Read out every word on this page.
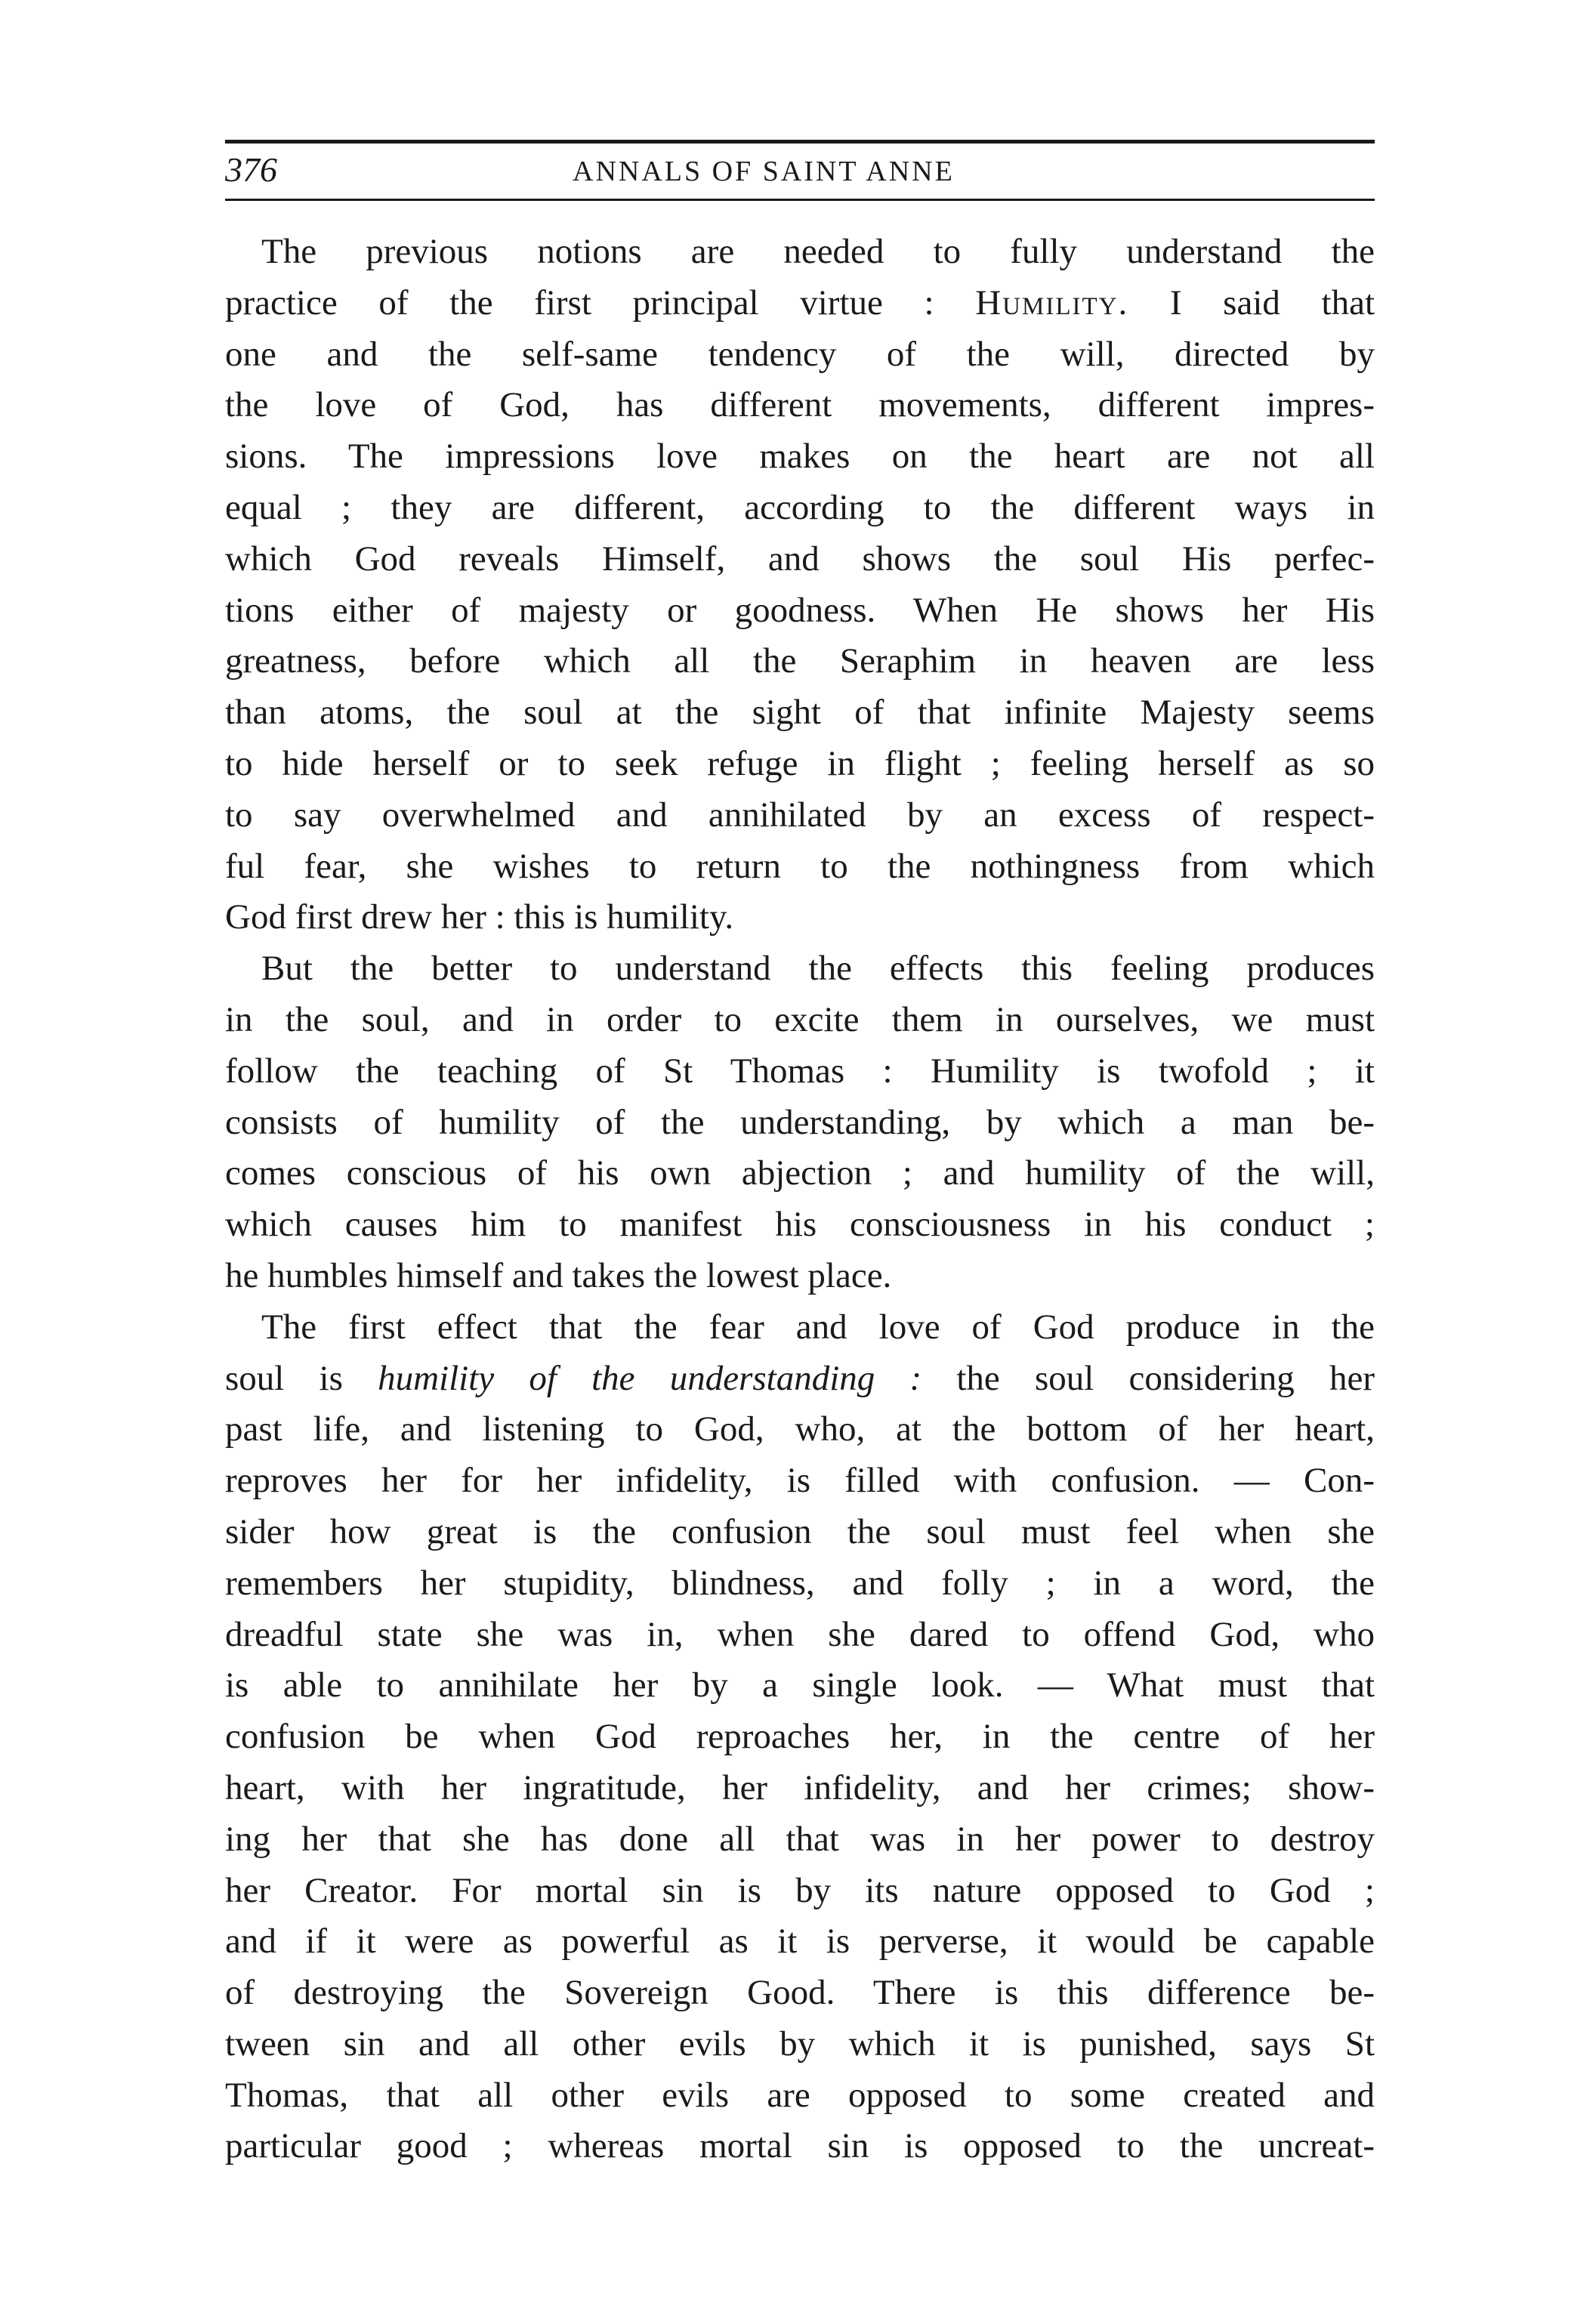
376	ANNALS OF SAINT ANNE
The previous notions are needed to fully understand the
practice of the first principal virtue : Humility. I said that
one and the self-same tendency of the will, directed by
the love of God, has different movements, different impres-
sions. The impressions love makes on the heart are not all
equal ; they are different, according to the different ways in
which God reveals Himself, and shows the soul His perfec-
tions either of majesty or goodness. When He shows her His
greatness, before which all the Seraphim in heaven are less
than atoms, the soul at the sight of that infinite Majesty seems
to hide herself or to seek refuge in flight ; feeling herself as so
to say overwhelmed and annihilated by an excess of respect-
ful fear, she wishes to return to the nothingness from which
God first drew her : this is humility.
But the better to understand the effects this feeling produces
in the soul, and in order to excite them in ourselves, we must
follow the teaching of St Thomas : Humility is twofold ; it
consists of humility of the understanding, by which a man be-
comes conscious of his own abjection ; and humility of the will,
which causes him to manifest his consciousness in his conduct ;
he humbles himself and takes the lowest place.
The first effect that the fear and love of God produce in the
soul is humility of the understanding : the soul considering her
past life, and listening to God, who, at the bottom of her heart,
reproves her for her infidelity, is filled with confusion. — Con-
sider how great is the confusion the soul must feel when she
remembers her stupidity, blindness, and folly ; in a word, the
dreadful state she was in, when she dared to offend God, who
is able to annihilate her by a single look. — What must that
confusion be when God reproaches her, in the centre of her
heart, with her ingratitude, her infidelity, and her crimes; show-
ing her that she has done all that was in her power to destroy
her Creator. For mortal sin is by its nature opposed to God ;
and if it were as powerful as it is perverse, it would be capable
of destroying the Sovereign Good. There is this difference be-
tween sin and all other evils by which it is punished, says St
Thomas, that all other evils are opposed to some created and
particular good ; whereas mortal sin is opposed to the uncreat-
